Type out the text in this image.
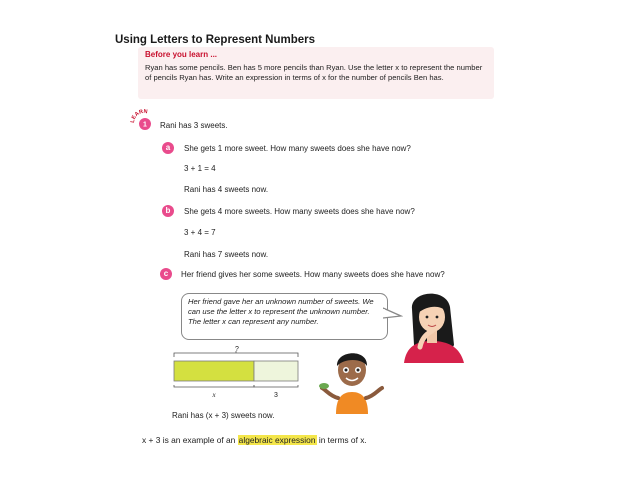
Using Letters to Represent Numbers

Before you learn ...

Ryan has some pencils. Ben has 5 more pencils than Ryan. Use the letter x to represent the number of pencils Ryan has. Write an expression in terms of x for the number of pencils Ben has.

LEARN
1 Rani has 3 sweets.

a	She gets 1 more sweet. How many sweets does she have now?

3 + 1 = 4

Rani has 4 sweets now.

b	She gets 4 more sweets. How many sweets does she have now?

3 + 4 = 7

Rani has 7 sweets now.

c	Her friend gives her some sweets. How many sweets does she have now?

Her friend gave her an unknown number of sweets. We can use the letter x to represent the unknown number. The letter x can represent any number.

?
x	3

Rani has (x + 3) sweets now.

x + 3 is an example of an algebraic expression in terms of x.
